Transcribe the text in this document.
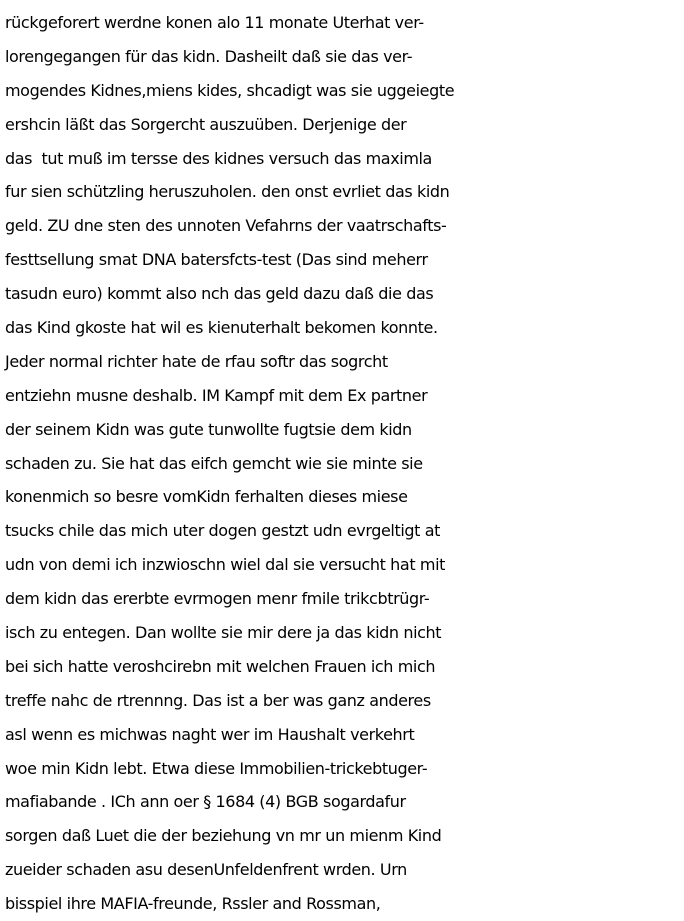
rückgeforert werdne konen alo 11 monate Uterhat ver-
lorengegangen für das kidn. Dasheilt daß sie das ver-
mogendes Kidnes,miens kides, shcadigt was sie uggeiegte
ershcin läßt das Sorgercht auszuüben. Derjenige der
das  tut muß im tersse des kidnes versuch das maximla
fur sien schützling heruszuholen. den onst evrliet das kidn
geld. ZU dne sten des unnoten Vefahrns der vaatrschafts-
festtsellung smat DNA batersfcts-test (Das sind meherr
tasudn euro) kommt also nch das geld dazu daß die das
das Kind gkoste hat wil es kienuterhalt bekomen konnte.
Jeder normal richter hate de rfau softr das sogrcht
entziehn musne deshalb. IM Kampf mit dem Ex partner
der seinem Kidn was gute tunwollte fugtsie dem kidn
schaden zu. Sie hat das eifch gemcht wie sie minte sie
konenmich so besre vomKidn ferhalten dieses miese
tsucks chile das mich uter dogen gestzt udn evrgeltigt at
udn von demi ich inzwioschn wiel dal sie versucht hat mit
dem kidn das ererbte evrmogen menr fmile trikcbtrügr-
isch zu entegen. Dan wollte sie mir dere ja das kidn nicht
bei sich hatte veroshcirebn mit welchen Frauen ich mich
treffe nahc de rtrennng. Das ist a ber was ganz anderes
asl wenn es michwas naght wer im Haushalt verkehrt
woe min Kidn lebt. Etwa diese Immobilien-trickebtuger-
mafiabande . ICh ann oer § 1684 (4) BGB sogardafur
sorgen daß Luet die der beziehung vn mr un mienm Kind
zueider schaden asu desenUnfeldenfrent wrden. Urn
bisspiel ihre MAFIA-freunde, Rssler and Rossman,
